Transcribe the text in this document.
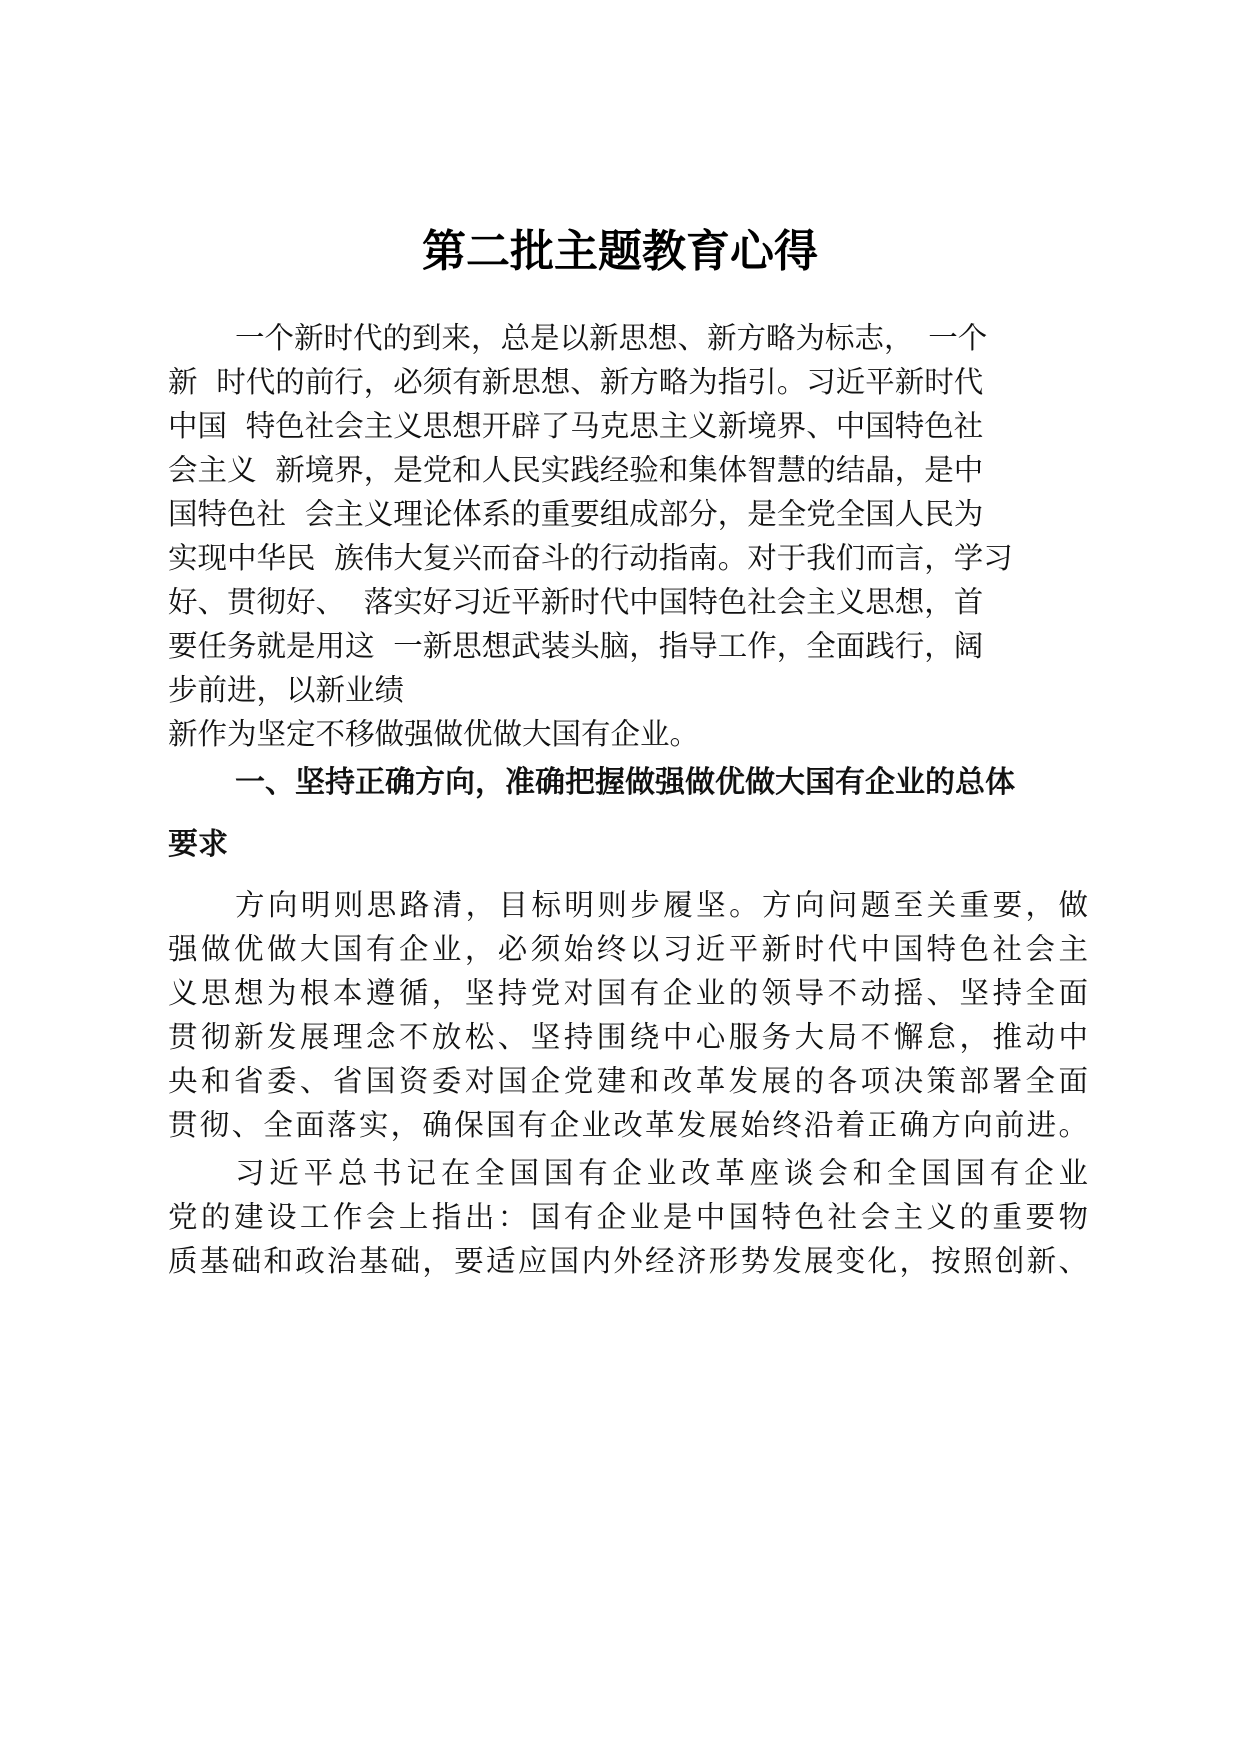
第二批主题教育心得
一个新时代的到来，总是以新思想、新方略为标志，　一个
新  时代的前行，必须有新思想、新方略为指引。习近平新时代
中国  特色社会主义思想开辟了马克思主义新境界、中国特色社
会主义  新境界，是党和人民实践经验和集体智慧的结晶，是中
国特色社  会主义理论体系的重要组成部分，是全党全国人民为
实现中华民  族伟大复兴而奋斗的行动指南。对于我们而言，学习
好、贯彻好、  落实好习近平新时代中国特色社会主义思想，首
要任务就是用这  一新思想武装头脑，指导工作，全面践行，阔
步前进，以新业绩
新作为坚定不移做强做优做大国有企业。
一、坚持正确方向，准确把握做强做优做大国有企业的总体
要求
方向明则思路清，目标明则步履坚。方向问题至关重要，做
强做优做大国有企业，必须始终以习近平新时代中国特色社会主
义思想为根本遵循，坚持党对国有企业的领导不动摇、坚持全面
贯彻新发展理念不放松、坚持围绕中心服务大局不懈怠，推动中
央和省委、省国资委对国企党建和改革发展的各项决策部署全面
贯彻、全面落实，确保国有企业改革发展始终沿着正确方向前进。
习近平总书记在全国国有企业改革座谈会和全国国有企业
党的建设工作会上指出：国有企业是中国特色社会主义的重要物
质基础和政治基础，要适应国内外经济形势发展变化，按照创新、
